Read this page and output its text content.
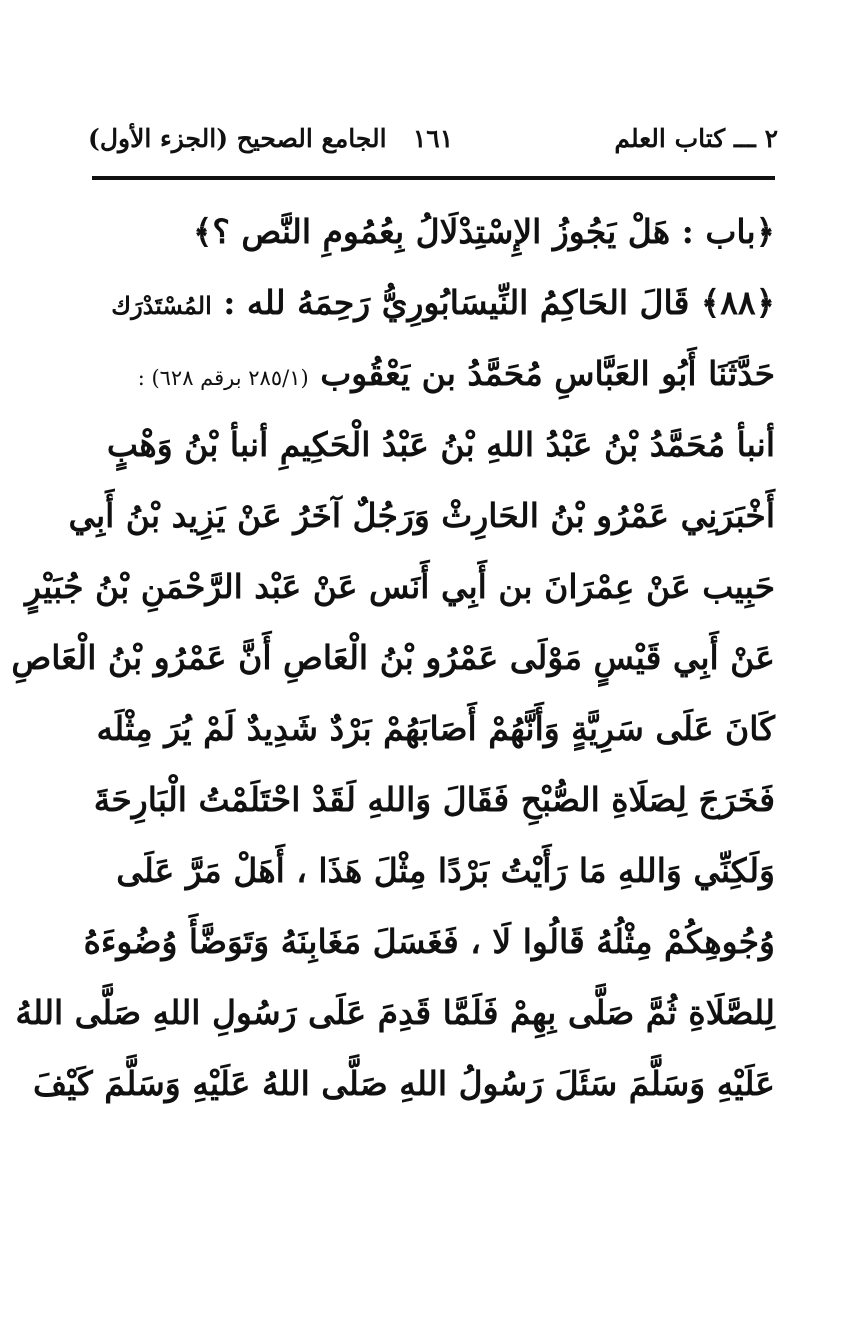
٢ ـــ كتاب العلم
١٦١
الجامع الصحيح (الجزء الأول)
﴿باب : هَلْ يَجُوزُ الإِسْتِدْلَالُ بِعُمُومِ النَّص ؟﴾
﴿٨٨﴾ قَالَ الحَاكِمُ النِّيسَابُورِيُّ رَحِمَهُ لله : المُسْتَدْرَك
حَدَّثَنَا أَبُو العَبَّاسِ مُحَمَّدُ بن يَعْقُوب (٢٨٥/١ برقم ٦٢٨) :
أنبأ مُحَمَّدُ بْنُ عَبْدُ اللهِ بْنُ عَبْدُ الْحَكِيمِ أنبأ بْنُ وَهْبٍ
أَخْبَرَنِي عَمْرُو بْنُ الحَارِثْ وَرَجُلٌ آخَرُ عَنْ يَزِيد بْنُ أَبِي
حَبِيب عَنْ عِمْرَانَ بن أَبِي أَنَس عَنْ عَبْد الرَّحْمَنِ بْنُ جُبَيْرٍ
عَنْ أَبِي قَيْسٍ مَوْلَى عَمْرُو بْنُ الْعَاصِ أَنَّ عَمْرُو بْنُ الْعَاصِ
كَانَ عَلَى سَرِيَّةٍ وَأَنَّهُمْ أَصَابَهُمْ بَرْدٌ شَدِيدٌ لَمْ يُرَ مِثْلَه
فَخَرَجَ لِصَلَاةِ الصُّبْحِ فَقَالَ وَاللهِ لَقَدْ احْتَلَمْتُ الْبَارِحَةَ
وَلَكِنِّي وَاللهِ مَا رَأَيْتُ بَرْدًا مِثْلَ هَذَا ، أَهَلْ مَرَّ عَلَى
وُجُوهِكُمْ مِثْلُهُ قَالُوا لَا ، فَغَسَلَ مَغَابِنَهُ وَتَوَضَّأَ وُضُوءَهُ
لِلصَّلَاةِ ثُمَّ صَلَّى بِهِمْ فَلَمَّا قَدِمَ عَلَى رَسُولِ اللهِ صَلَّى اللهُ
عَلَيْهِ وَسَلَّمَ سَئَلَ رَسُولُ اللهِ صَلَّى اللهُ عَلَيْهِ وَسَلَّمَ كَيْفَ
